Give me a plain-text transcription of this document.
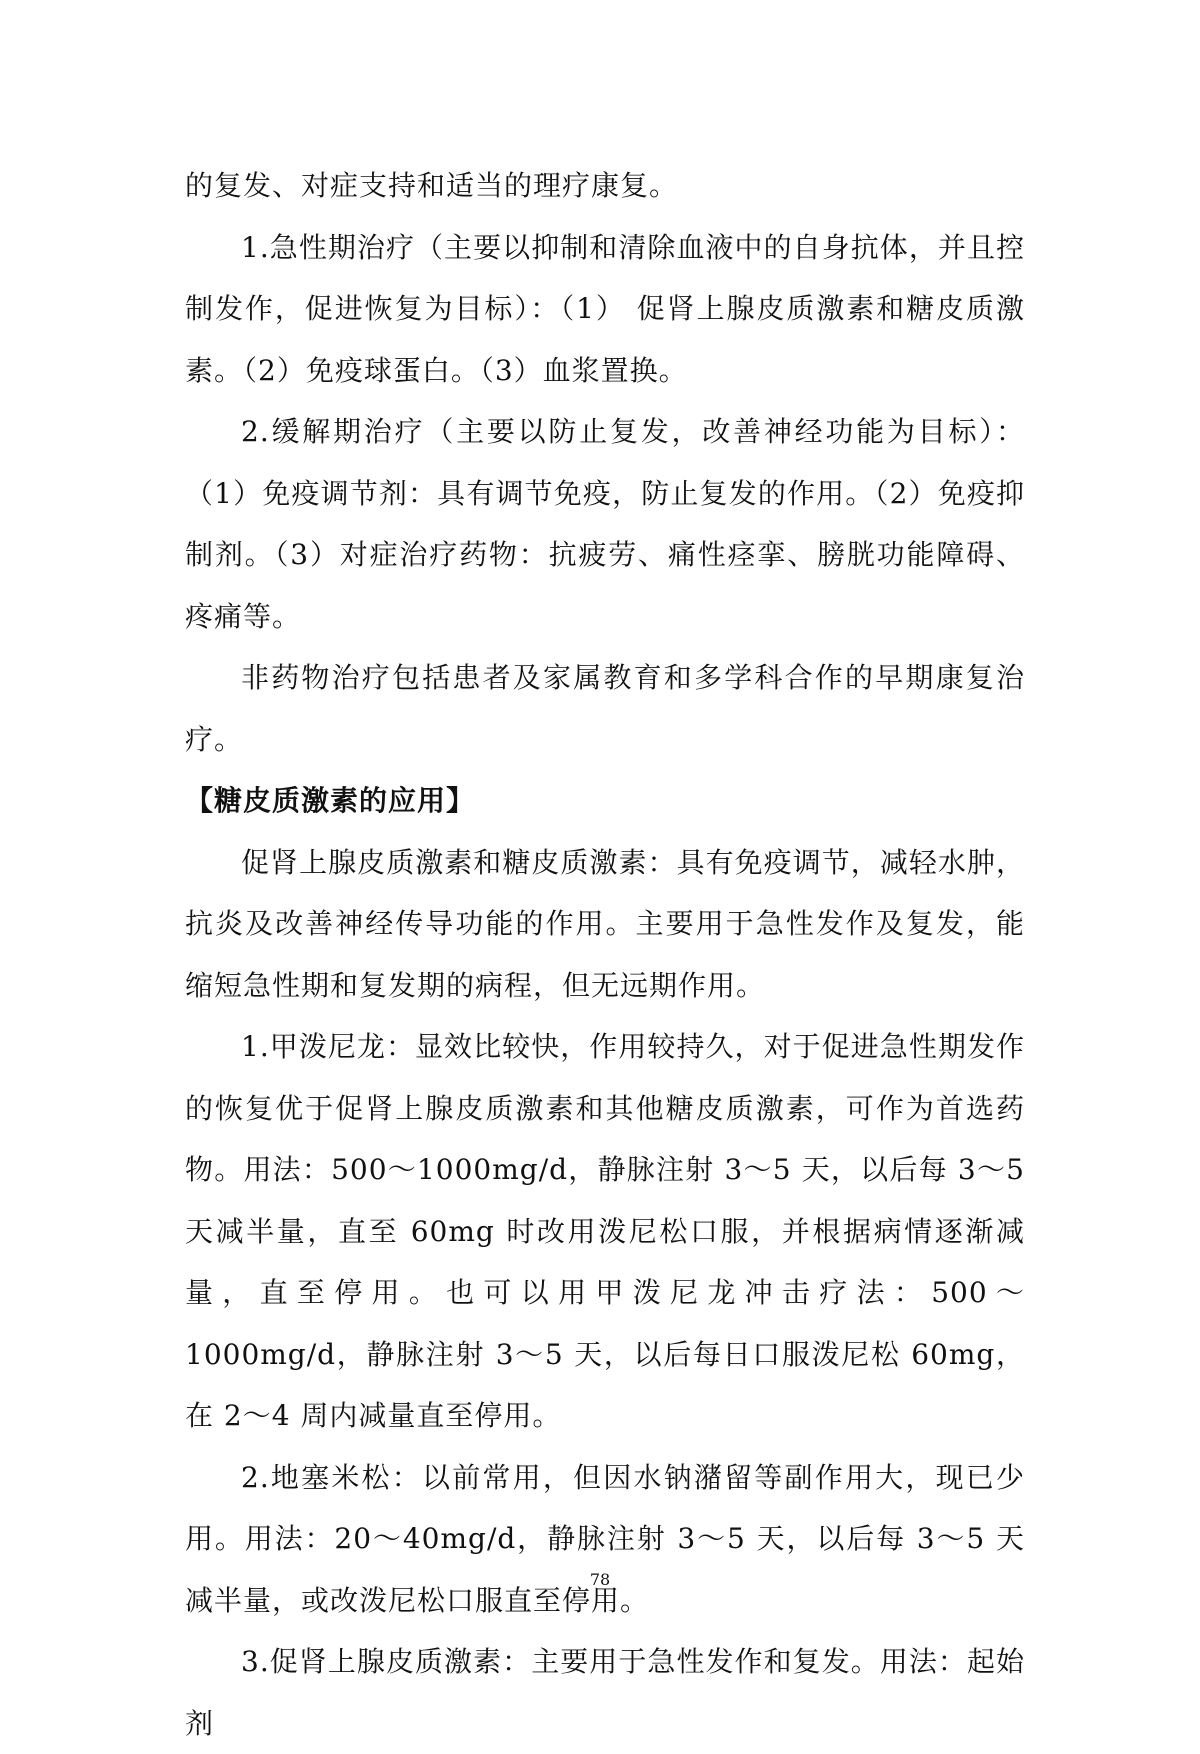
的复发、对症支持和适当的理疗康复。

1.急性期治疗（主要以抑制和清除血液中的自身抗体，并且控制发作，促进恢复为目标）：（1） 促肾上腺皮质激素和糖皮质激素。（2）免疫球蛋白。（3）血浆置换。

2.缓解期治疗（主要以防止复发，改善神经功能为目标）：（1）免疫调节剂：具有调节免疫，防止复发的作用。（2）免疫抑制剂。（3）对症治疗药物：抗疲劳、痛性痉挛、膀胱功能障碍、疼痛等。

非药物治疗包括患者及家属教育和多学科合作的早期康复治疗。

【糖皮质激素的应用】

促肾上腺皮质激素和糖皮质激素：具有免疫调节，减轻水肿，抗炎及改善神经传导功能的作用。主要用于急性发作及复发，能缩短急性期和复发期的病程，但无远期作用。

1.甲泼尼龙：显效比较快，作用较持久，对于促进急性期发作的恢复优于促肾上腺皮质激素和其他糖皮质激素，可作为首选药物。用法：500～1000mg/d，静脉注射 3～5 天，以后每 3～5 天减半量，直至 60mg 时改用泼尼松口服，并根据病情逐渐减量，直至停用。也可以用甲泼尼龙冲击疗法：500～1000mg/d，静脉注射 3～5 天，以后每日口服泼尼松 60mg，在 2～4 周内减量直至停用。

2.地塞米松：以前常用，但因水钠潴留等副作用大，现已少用。用法：20～40mg/d，静脉注射 3～5 天，以后每 3～5 天减半量，或改泼尼松口服直至停用。

3.促肾上腺皮质激素：主要用于急性发作和复发。用法：起始剂

78
